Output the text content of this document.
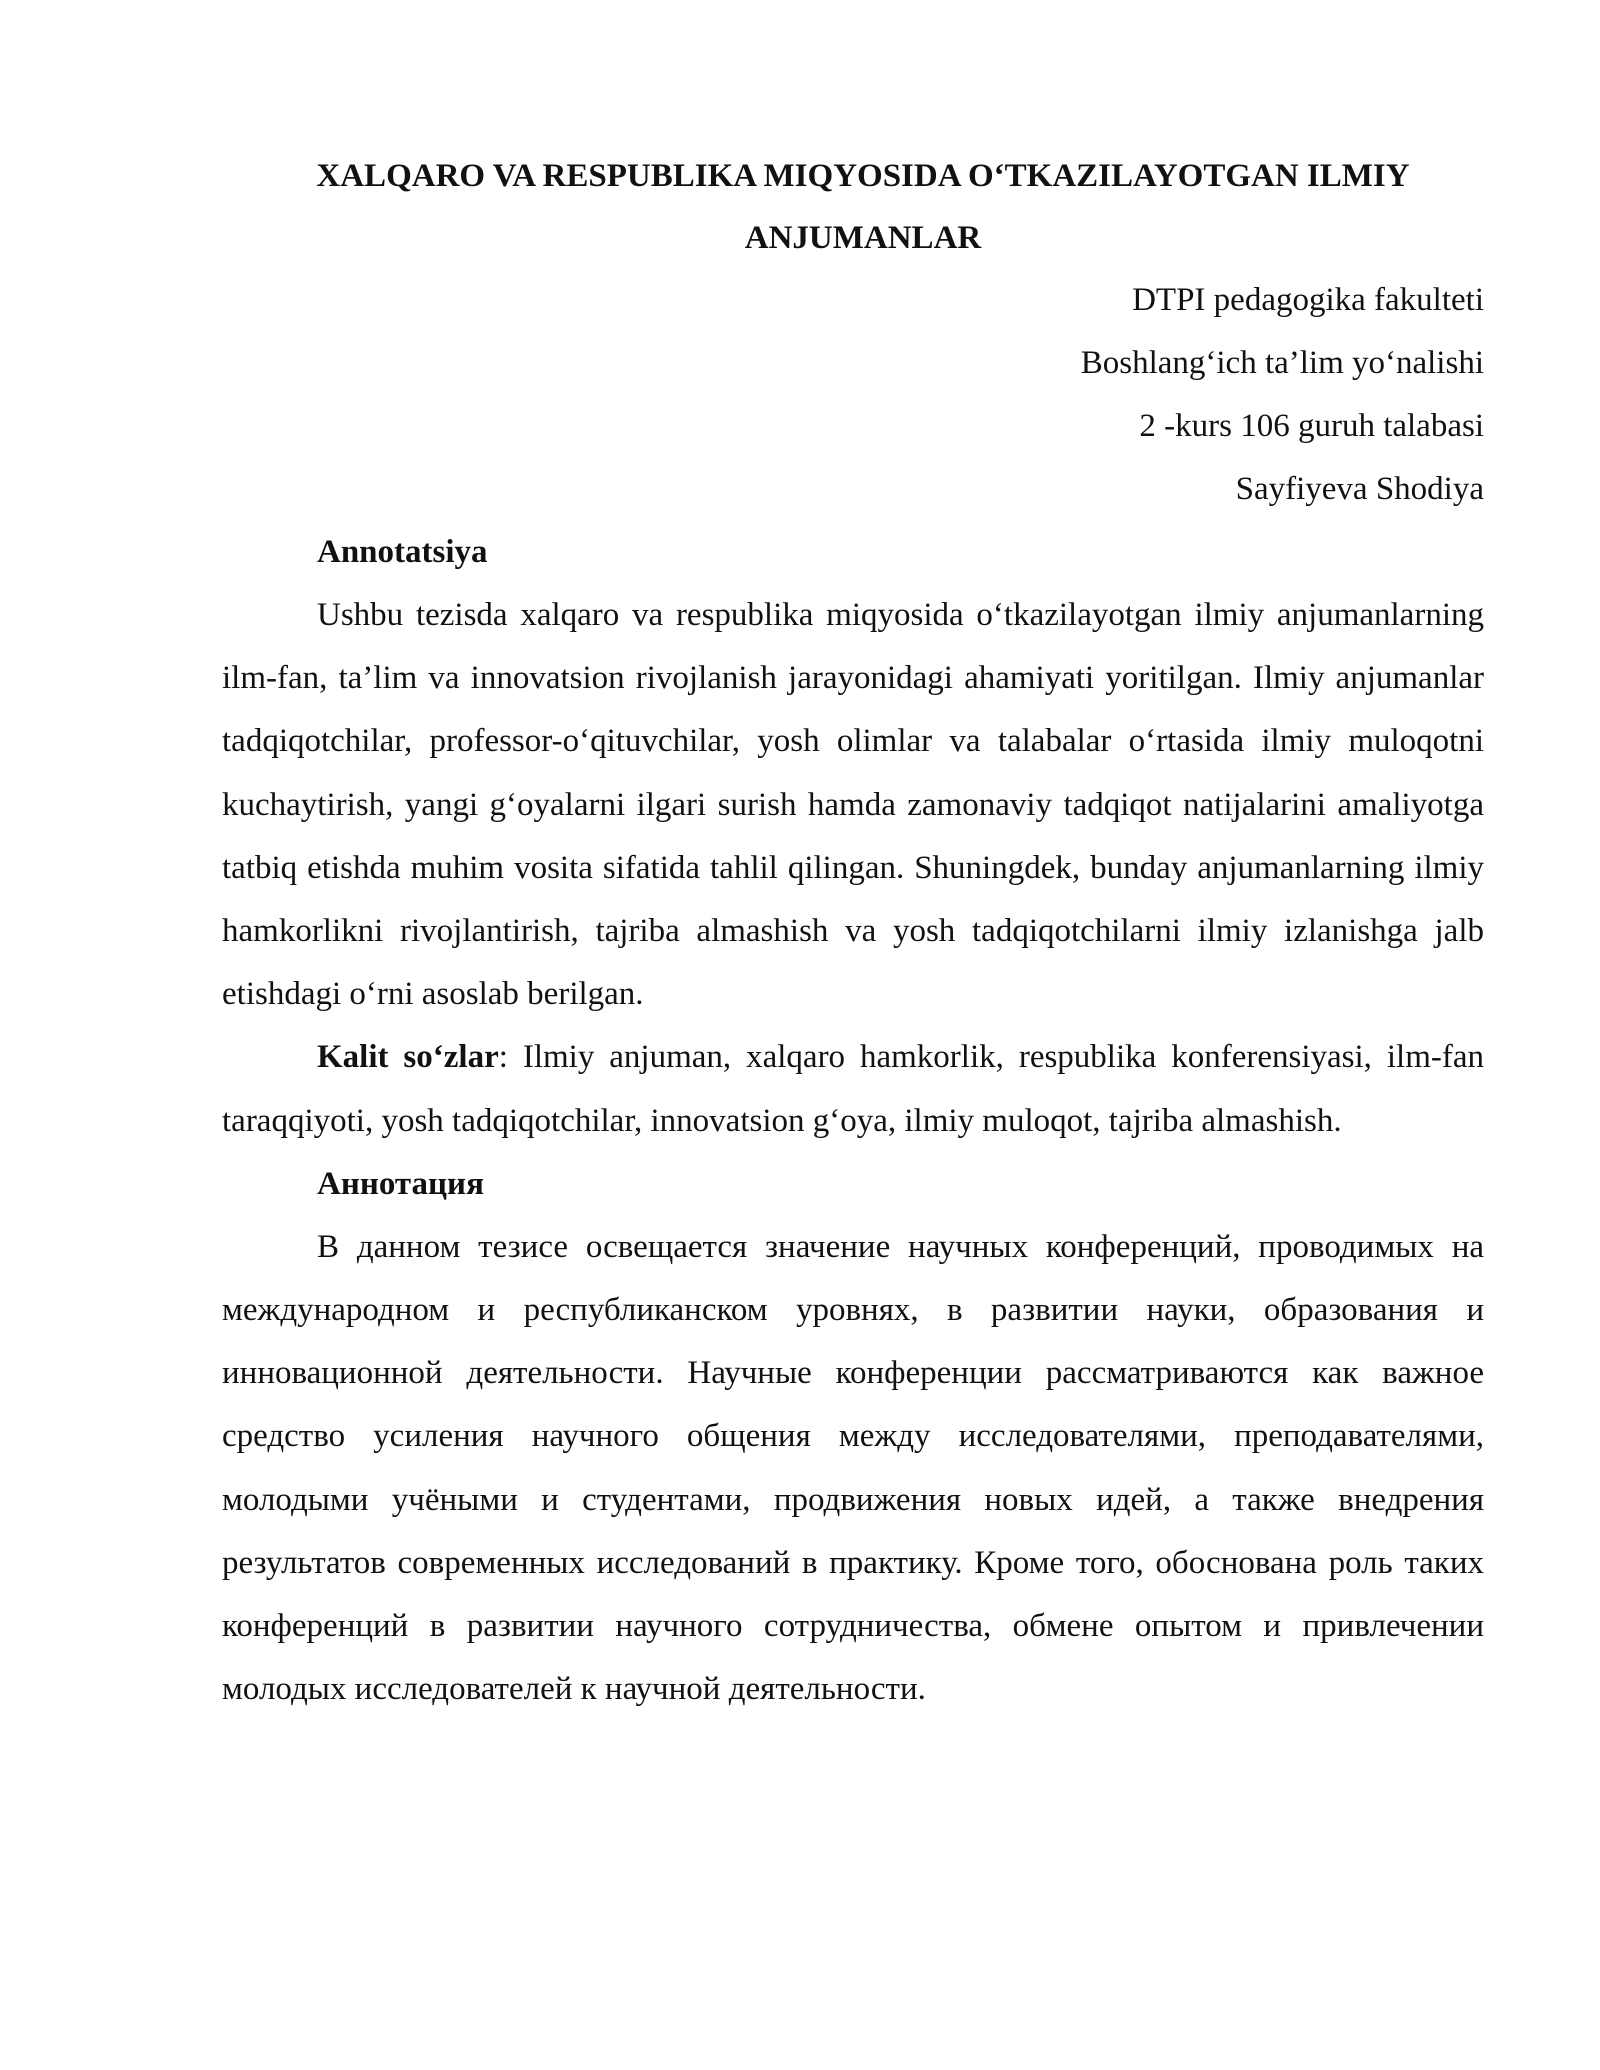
XALQARO VA RESPUBLIKA MIQYOSIDA O‘TKAZILAYOTGAN ILMIY
ANJUMANLAR
DTPI pedagogika fakulteti
Boshlang‘ich ta’lim yo‘nalishi
2 -kurs 106 guruh talabasi
Sayfiyeva Shodiya
Annotatsiya

Ushbu tezisda xalqaro va respublika miqyosida o‘tkazilayotgan ilmiy anjumanlarning ilm-fan, ta’lim va innovatsion rivojlanish jarayonidagi ahamiyati yoritilgan. Ilmiy anjumanlar tadqiqotchilar, professor-o‘qituvchilar, yosh olimlar va talabalar o‘rtasida ilmiy muloqotni kuchaytirish, yangi g‘oyalarni ilgari surish hamda zamonaviy tadqiqot natijalarini amaliyotga tatbiq etishda muhim vosita sifatida tahlil qilingan. Shuningdek, bunday anjumanlarning ilmiy hamkorlikni rivojlantirish, tajriba almashish va yosh tadqiqotchilarni ilmiy izlanishga jalb etishdagi o‘rni asoslab berilgan.

Kalit so‘zlar: Ilmiy anjuman, xalqaro hamkorlik, respublika konferensiyasi, ilm-fan taraqqiyoti, yosh tadqiqotchilar, innovatsion g‘oya, ilmiy muloqot, tajriba almashish.

Аннотация

В данном тезисе освещается значение научных конференций, проводимых на международном и республиканском уровнях, в развитии науки, образования и инновационной деятельности. Научные конференции рассматриваются как важное средство усиления научного общения между исследователями, преподавателями, молодыми учёными и студентами, продвижения новых идей, а также внедрения результатов современных исследований в практику. Кроме того, обоснована роль таких конференций в развитии научного сотрудничества, обмене опытом и привлечении молодых исследователей к научной деятельности.
